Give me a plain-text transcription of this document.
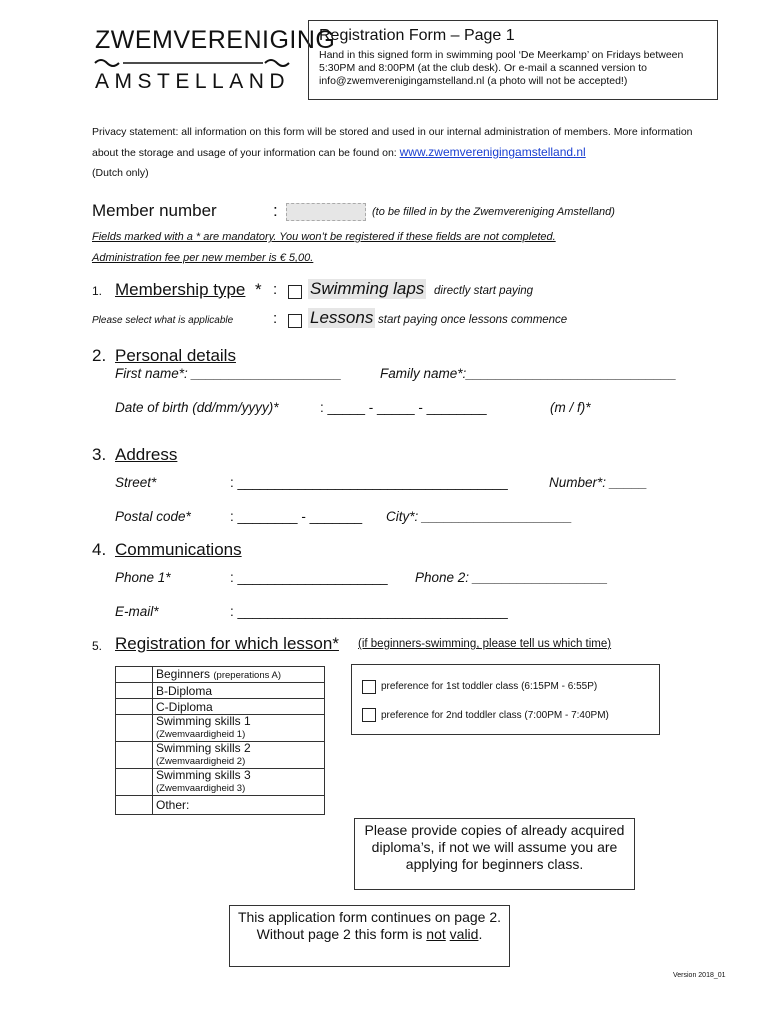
ZWEMVERENIGING
AMSTELLAND
Registration Form – Page 1
Hand in this signed form in swimming pool ‘De Meerkamp’ on Fridays between 5:30PM and 8:00PM (at the club desk). Or e-mail a scanned version to info@zwemverenigingamstelland.nl (a photo will not be accepted!)
Privacy statement: all information on this form will be stored and used in our internal administration of members. More information about the storage and usage of your information can be found on: www.zwemverenigingamstelland.nl
(Dutch only)
Member number	:	(to be filled in by the Zwemvereniging Amstelland)
Fields marked with a * are mandatory. You won’t be registered if these fields are not completed.
Administration fee per new member is € 5,00.
1. Membership type * : Swimming laps directly start paying
Please select what is applicable	: Lessons start paying once lessons commence
2. Personal details
First name*: ____________________	Family name*:____________________________
Date of birth (dd/mm/yyyy)*	: _____ - _____ - ________	(m / f)*
3. Address
Street*	: ____________________________________	Number*: _____
Postal code*	: ________ - _______ City*: ____________________
4. Communications
Phone 1*	: ____________________ Phone 2: __________________
E-mail*	: ____________________________________
5. Registration for which lesson* (if beginners-swimming, please tell us which time)
	Beginners (preperations A)
	B-Diploma
	C-Diploma
	Swimming skills 1
(Zwemvaardigheid 1)
	Swimming skills 2
(Zwemvaardigheid 2)
	Swimming skills 3
(Zwemvaardigheid 3)
	Other:
preference for 1st toddler class (6:15PM - 6:55P)
preference for 2nd toddler class (7:00PM - 7:40PM)
Please provide copies of already acquired diploma’s, if not we will assume you are applying for beginners class.
This application form continues on page 2. Without page 2 this form is not valid.
Version 2018_01
